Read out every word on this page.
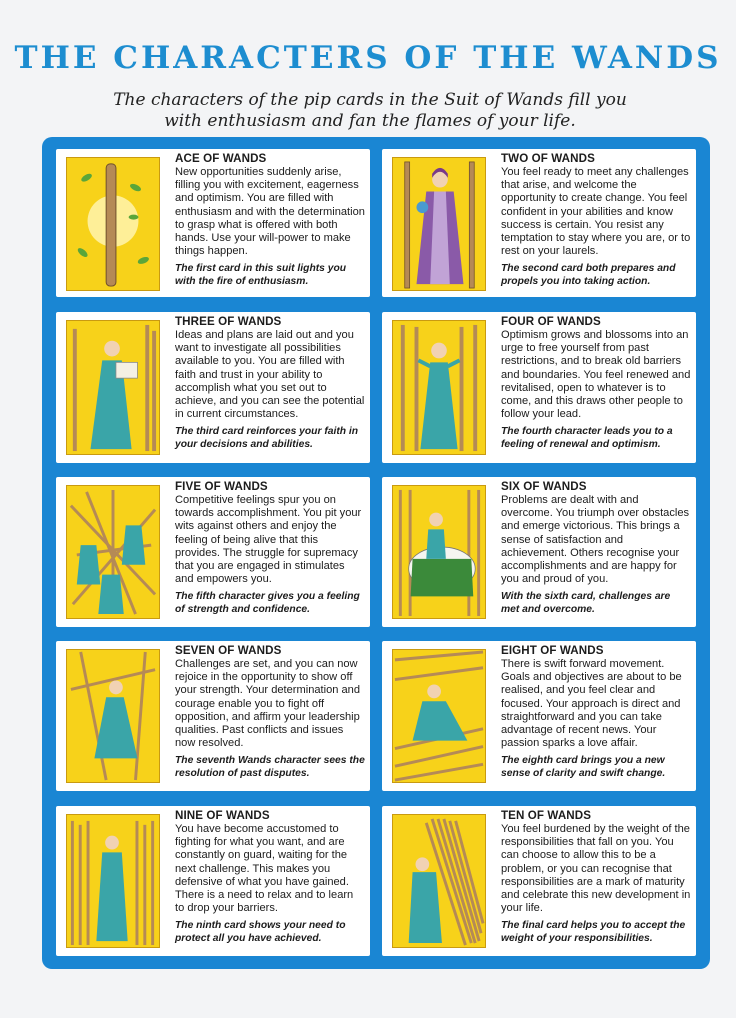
THE CHARACTERS OF THE WANDS

The characters of the pip cards in the Suit of Wands fill you with enthusiasm and fan the flames of your life.

ACE OF WANDS

New opportunities suddenly arise, filling you with excitement, eagerness and optimism. You are filled with enthusiasm and with the determination to grasp what is offered with both hands. Use your will-power to make things happen.

The first card in this suit lights you with the fire of enthusiasm.

TWO OF WANDS

You feel ready to meet any challenges that arise, and welcome the opportunity to create change. You feel confident in your abilities and know success is certain. You resist any temptation to stay where you are, or to rest on your laurels.

The second card both prepares and propels you into taking action.

THREE OF WANDS

Ideas and plans are laid out and you want to investigate all possibilities available to you. You are filled with faith and trust in your ability to accomplish what you set out to achieve, and you can see the potential in current circumstances.

The third card reinforces your faith in your decisions and abilities.

FOUR OF WANDS

Optimism grows and blossoms into an urge to free yourself from past restrictions, and to break old barriers and boundaries. You feel renewed and revitalised, open to whatever is to come, and this draws other people to follow your lead.

The fourth character leads you to a feeling of renewal and optimism.

FIVE OF WANDS

Competitive feelings spur you on towards accomplishment. You pit your wits against others and enjoy the feeling of being alive that this provides. The struggle for supremacy that you are engaged in stimulates and empowers you.

The fifth character gives you a feeling of strength and confidence.

SIX OF WANDS

Problems are dealt with and overcome. You triumph over obstacles and emerge victorious. This brings a sense of satisfaction and achievement. Others recognise your accomplishments and are happy for you and proud of you.

With the sixth card, challenges are met and overcome.

SEVEN OF WANDS

Challenges are set, and you can now rejoice in the opportunity to show off your strength. Your determination and courage enable you to fight off opposition, and affirm your leadership qualities. Past conflicts and issues now resolved.

The seventh Wands character sees the resolution of past disputes.

EIGHT OF WANDS

There is swift forward movement. Goals and objectives are about to be realised, and you feel clear and focused. Your approach is direct and straightforward and you can take advantage of recent news. Your passion sparks a love affair.

The eighth card brings you a new sense of clarity and swift change.

NINE OF WANDS

You have become accustomed to fighting for what you want, and are constantly on guard, waiting for the next challenge. This makes you defensive of what you have gained. There is a need to relax and to learn to drop your barriers.

The ninth card shows your need to protect all you have achieved.

TEN OF WANDS

You feel burdened by the weight of the responsibilities that fall on you. You can choose to allow this to be a problem, or you can recognise that responsibilities are a mark of maturity and celebrate this new development in your life.

The final card helps you to accept the weight of your responsibilities.
